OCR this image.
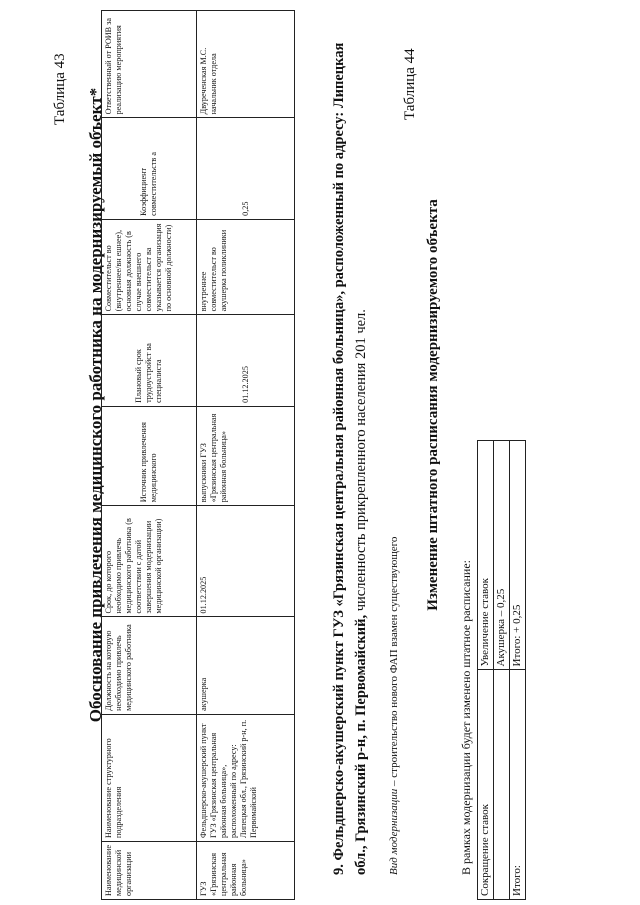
Таблица 43 Обоснование привлечения медицинского работника на модернизируемый объект*
Наименование медицинской организации	Наименование структурного подразделения	Должность на которую необходимо привлечь медицинского работника	Срок, до которого необходимо привлечь медицинского работника (в соответствии с датой завершения модернизации медицинской организации)	Источник привлечения медицинского	Плановый срок трудоустройст ва специалиста	Совместительст во (внутреннее/вн ешнее), основная должность (в случае внешнего совместительст ва указывается организация по основной должности)	Коэффициент совместительств а	Ответственный от РОИВ за реализацию мероприятия
ГУЗ «Грязинская центральная районная больница»	Фельдшерско-акушерский пункт ГУЗ «Грязинская центральная районная больница», расположенный по адресу: Липецкая обл., Грязинский р-н, п. Первомайский	акушерка	01.12.2025	выпускники ГУЗ «Грязинская центральная районная больница»	01.12.2025	внутреннее совместительст во акушерка поликлиники	0,25	Двуреченская М.С. начальник отдела
9. Фельдшерско-акушерский пункт ГУЗ «Грязинская центральная районная больница», расположенный по адресу: Липецкая обл., Грязинский р-н, п. Первомайский, численность прикрепленного населения 201 чел.
Вид модернизации – строительство нового ФАП взамен существующего
Таблица 44
Изменение штатного расписания модернизируемого объекта
В рамках модернизации будет изменено штатное расписание: Сокращение ставок	Увеличение ставок
	Акушерка – 0,25
Итого:	Итого: + 0,25
